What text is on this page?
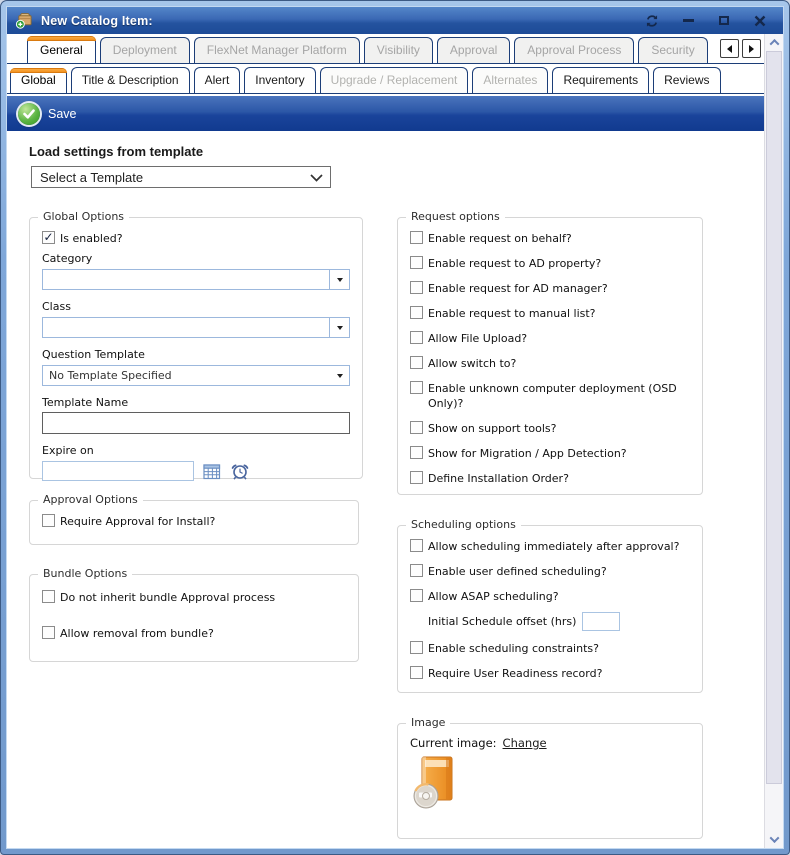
New Catalog Item:
General	Deployment	FlexNet Manager Platform	Visibility	Approval	Approval Process	Security
Global	Title & Description	Alert	Inventory	Upgrade / Replacement	Alternates	Requirements	Reviews
Save
Load settings from template
Select a Template
Global Options
✓
Is enabled?
Category
Class
Question Template
No Template Specified
Template Name
Expire on
Approval Options
Require Approval for Install?
Bundle Options
Do not inherit bundle Approval process
Allow removal from bundle?
Request options
Enable request on behalf?
Enable request to AD property?
Enable request for AD manager?
Enable request to manual list?
Allow File Upload?
Allow switch to?
Enable unknown computer deployment (OSD Only)?
Show on support tools?
Show for Migration / App Detection?
Define Installation Order?
Scheduling options
Allow scheduling immediately after approval?
Enable user defined scheduling?
Allow ASAP scheduling?
Initial Schedule offset (hrs)
Enable scheduling constraints?
Require User Readiness record?
Image
Current image: Change
